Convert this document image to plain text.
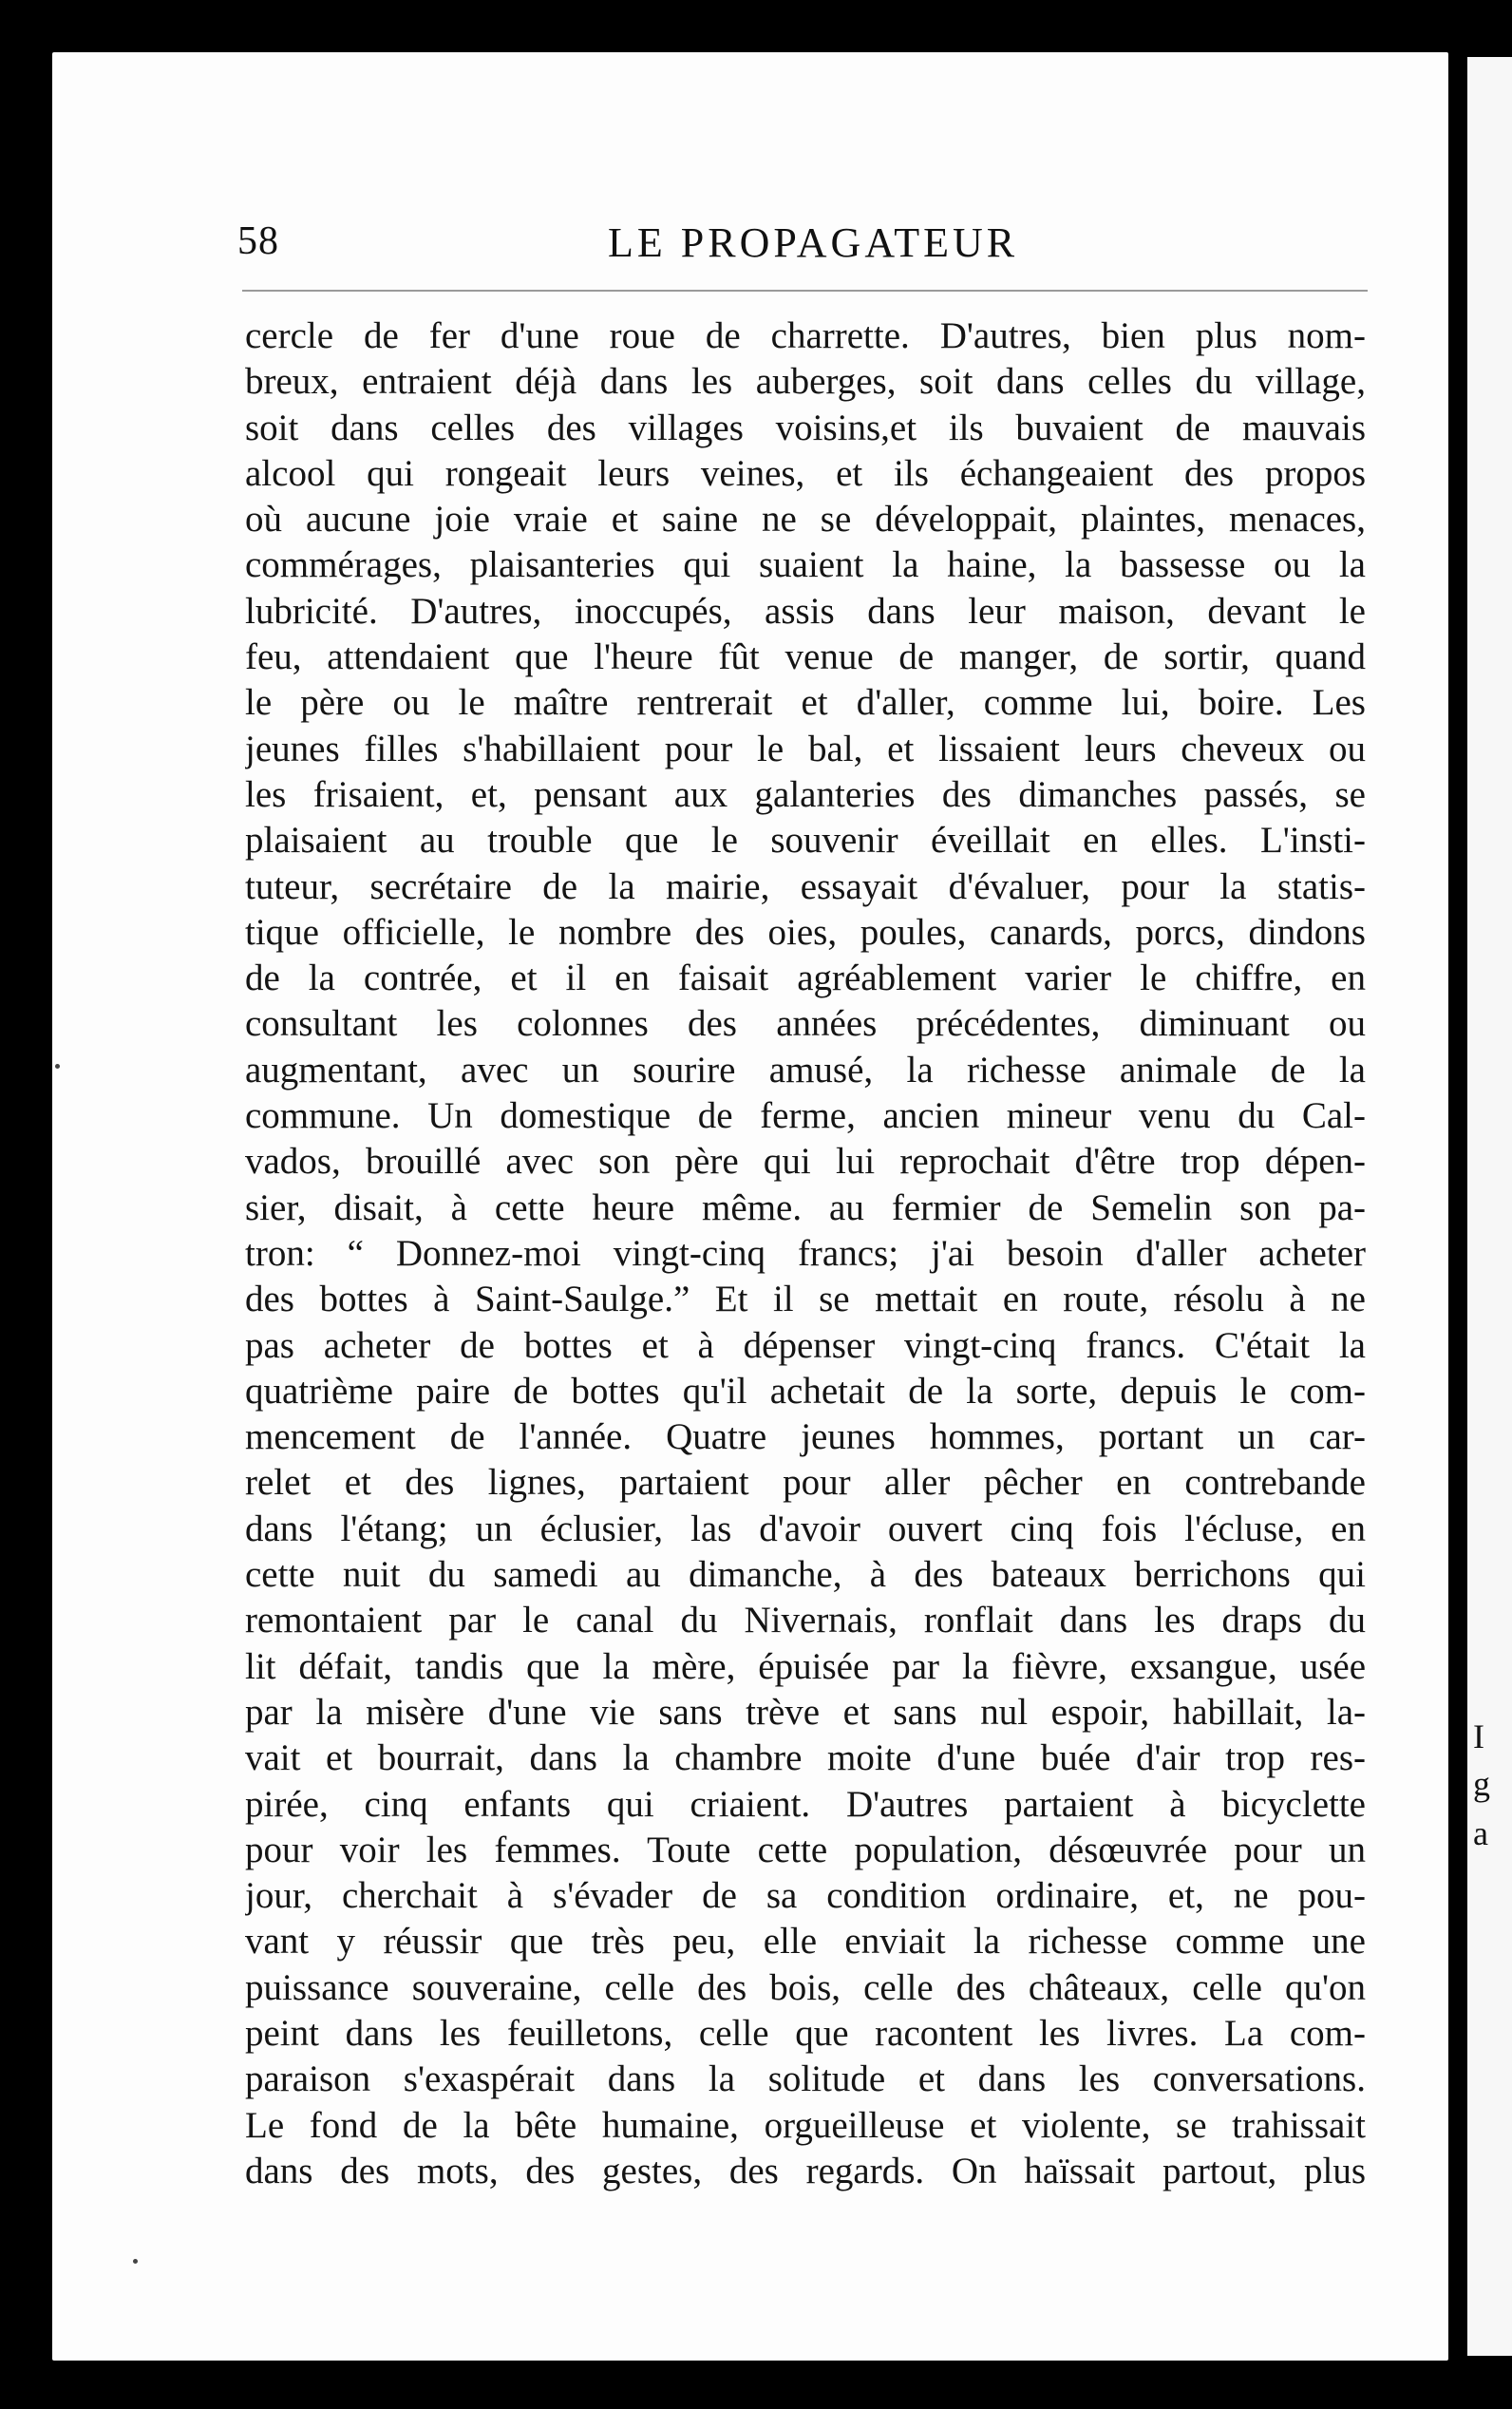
I
g
a
58	LE PROPAGATEUR
cercle de fer d'une roue de charrette. D'autres, bien plus nom-
breux, entraient déjà dans les auberges, soit dans celles du village,
soit dans celles des villages voisins,et ils buvaient de mauvais
alcool qui rongeait leurs veines, et ils échangeaient des propos
où aucune joie vraie et saine ne se développait, plaintes, menaces,
commérages, plaisanteries qui suaient la haine, la bassesse ou la
lubricité. D'autres, inoccupés, assis dans leur maison, devant le
feu, attendaient que l'heure fût venue de manger, de sortir, quand
le père ou le maître rentrerait et d'aller, comme lui, boire. Les
jeunes filles s'habillaient pour le bal, et lissaient leurs cheveux ou
les frisaient, et, pensant aux galanteries des dimanches passés, se
plaisaient au trouble que le souvenir éveillait en elles. L'insti-
tuteur, secrétaire de la mairie, essayait d'évaluer, pour la statis-
tique officielle, le nombre des oies, poules, canards, porcs, dindons
de la contrée, et il en faisait agréablement varier le chiffre, en
consultant les colonnes des années précédentes, diminuant ou
augmentant, avec un sourire amusé, la richesse animale de la
commune. Un domestique de ferme, ancien mineur venu du Cal-
vados, brouillé avec son père qui lui reprochait d'être trop dépen-
sier, disait, à cette heure même. au fermier de Semelin son pa-
tron: “ Donnez-moi vingt-cinq francs; j'ai besoin d'aller acheter
des bottes à Saint-Saulge.” Et il se mettait en route, résolu à ne
pas acheter de bottes et à dépenser vingt-cinq francs. C'était la
quatrième paire de bottes qu'il achetait de la sorte, depuis le com-
mencement de l'année. Quatre jeunes hommes, portant un car-
relet et des lignes, partaient pour aller pêcher en contrebande
dans l'étang; un éclusier, las d'avoir ouvert cinq fois l'écluse, en
cette nuit du samedi au dimanche, à des bateaux berrichons qui
remontaient par le canal du Nivernais, ronflait dans les draps du
lit défait, tandis que la mère, épuisée par la fièvre, exsangue, usée
par la misère d'une vie sans trève et sans nul espoir, habillait, la-
vait et bourrait, dans la chambre moite d'une buée d'air trop res-
pirée, cinq enfants qui criaient. D'autres partaient à bicyclette
pour voir les femmes. Toute cette population, désœuvrée pour un
jour, cherchait à s'évader de sa condition ordinaire, et, ne pou-
vant y réussir que très peu, elle enviait la richesse comme une
puissance souveraine, celle des bois, celle des châteaux, celle qu'on
peint dans les feuilletons, celle que racontent les livres. La com-
paraison s'exaspérait dans la solitude et dans les conversations.
Le fond de la bête humaine, orgueilleuse et violente, se trahissait
dans des mots, des gestes, des regards. On haïssait partout, plus
